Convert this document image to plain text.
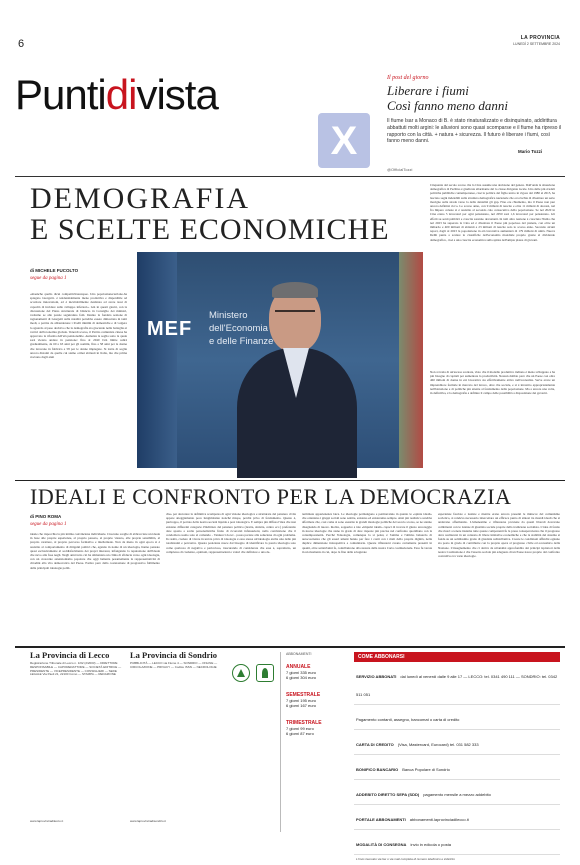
6	LA PROVINCIA
LUNEDÌ 2 SETTEMBRE 2024
Puntidivista
X
Il post del giorno
Liberare i fiumi
Così fanno meno danni
Il fiume Isar a Monaco di B. è stato rinaturalizzato e disinquinato, addirittura abbattuti molti argini: le alluvioni sono quasi scomparse e il fiume ha ripreso il rapporto con la città. + natura + sicurezza. Il futuro è liberare i fiumi, così fanno meno danni.
Mario Tozzi
@OfficialTozzi
DEMOGRAFIA
E SCELTE ECONOMICHE
di MICHELE FUCOLTO
segue da pagina 1
«maanche quello dicui compettivitàeuropee. Una popolazionecarriano-ha spiegato Giorgetti- è tendenzialmente meno produttiva e disponibile ad accettare innovazioni, ed è inevitabilmente destinata ad avere tassi di capacità di incidere sullo sviluppo inferiori». Già in questi giorni, con la discussione del Piano strutturale di bilancio in Consiglio dei ministri, vedremo se alle parole seguiranno fatti. Intanto la fondata sezione di ragionamenti di Giorgetti sulla natalità potrebbe essere dimostrata in tanti modi, a partire da abbandonare i livelli minimi di domestiche e di volgere lo sguardo al peso decisivo che la demografia sta giocando nella battaglia ai vertici dell'economia globale. Venerdì scorso, il Partito comunista cinese ha approvato la riforma dell'età pensionabile. Aumenta la soglia sotto la quale sarà vietato andare in pensione: fino al 2040 l'età limite salirà gradualmente, da 60 a 63 anni per gli uomini, fino a 58 anni per le donne che lavorano in fabbrica e 58 per le donne impiegate. Si tratta di soglie ancora distanti da quelle cui siamo ormai abituati in Italia, ma che prima avevano dagli anni
MEF
Ministero
dell'Economia
e delle Finanze
Cinquanta del secolo scorso che la Cina assume una decisione del genere. Dall'onda la situazione demografica di Pechino è giudicata allarmante dal lo classe dirigente locale. Una delle più crudeli politiche pubbliche contemporanee, cioè la politica del figlio unico in vigore dal 1980 al 2015, ha lasciato segni indelebili sulla struttura demografica nazionale che ora rischia di diventare un serio macigno sulla strada verso la della dentalità gli gap. Fino ere chiamento, ma il Paese non può ancora definirsi ricco. Lo scorso anno, con 9 milioni di nascite e oltre 11 milioni di decessi, nel fra Impero celeste si è assistito al secondo calo consecutivo della popolazione. Se nel 2020 in Cina erano 5 lavoratori per ogni pensionato, nel 2050 sarà 1,6 lavoratori per pensionato. Gli effetti su sonti pubblici e crescita saranno devastanti. In tutti altro nazione è cresciuta l'India che nel 2023 ha superato la Cina ed è diventata il Paese più popoloso del pianeta, con oltre un miliardo e 400 milioni di abitanti e 23 milioni di nascite solo lo scorso anno. Secondo alcuni report, dagli al 2023 la popolazione in età lavorativa aumenterà di 179 milioni di unità. Nuova Delhi punta a scalare le classifiche dell'economia mondiale proprio grazie al dividendo demografico, cioè a una crescita economica sulla spinta dell'ampia platea di giovani.
Non si tratta di un'ascesa scontata, visto che il modello produttivo indiano è meno sviluppato e ha più bisogno di capitali per aumentare la produttività. Nessun dubbio però che un Paese con oltre 460 milioni di donne in età lavorativa sia effettivamente attivo nell'economia. Serve avere un imprenditore formale in mercato del lavoro, oltre che sociale, e si è investito appropriatamente nell'istruzione e di politiche più attente al fondamento della popolazione. Ma a ancora una volta, in definitiva, è la demografia a definire il campo delle possibilità a disposizione dei governi.
IDEALI E CONFRONTO PER LA DEMOCRAZIA
di PINO ROMA
segue da pagina 1
ideale che rispecchia la più intima convinzione individuale. Ciascuno sceglie di abbracciare un ideale in base alle proprie esperienze, al proprio passato, al proprio vissuto, alle proprie sensibilità, al proprio carattere, al proprio percorso formativo e intellettuale. Non da meno in ogni epoca si è assistito al comportamento di dirigenti politici che, agendo in nome di un ideologia, hanno pensato quasi esclusivamente al soddisfacimento dei propri interessi, infangando la reputazione dell'ideale che nevo aila fase negli. Negli anni tutto ciò ha alimentato un clima di sfiducia verso ogni ideologia, con un crescente astensionismo popolare che oggi lamenta pesantemente la rappresentatività di cittadini alla vita democratica del Paese. Partire però dalla costatazione di progressivo fallimento delle principali ideologie politi-
che» per decretare la definitiva scomparsa di ogni visione ideologica e strutturata del pensiero civile appare atteggiamento poco lungimirante nonché miope, perché privo di fondamento. Questo è, purtroppo, il portato della nostra società liquida e post ideologica. E sempre più diffusa l'idea che non esistano differenti categorie d'indirizzo del pensiero politico (destra, sinistra, centro ecc.) preferendo dare spazio a scelte personalistiche frutto di ricorrenti infatuazioni, nella convinzione che il condottiero uomo solo al comando - Vannucci docet - possa portare alla soluzione di ogni problema. In realtà, credere di vivere in un'era priva di ideologie è essa stessa un'ideologia anche una delle più totalizzanti e pervasive. Questa posizione nasce dal bisogno di identificare la parola ideologia solo come qualcosa di negativo e pericoloso, trascurando di considerare che essa è, soprattutto, un complesso di credenze, opinioni, rappresentazioni e valori che definisce o una de-
terminata appartenenza laica. Le ideologie permangono e permarranno in quanto le «spinte ideali» che orientano i gruppi sociali sono sentite, esistono ed esisteranno sempre. Anzi più realistico sarebbe affermare che, così come si sono esaurite le grandi ideologie politiche del secolo scorso, se ne stanno disegnando di nuove. Inoltre, sopperire a tale «impulsi ideali» capaci di trovare il giusto ancoraggio in nuove ideologie che siano in grado di dare risposte più precise nel confronto quotidiano con la contemporaneità. Perché l'ideologia, comunque la si pensi, è l'anima e l'ultimo baluardo di autocoscienza che gli esseri umani hanno per fare i conti con i mali della propria dignità, nella duplice dimensione introspettiva e comunitaria. Queste riflessioni creano certamente presenti in quanti, oltre settant'anni fa, contribuirono alla stesura della nostra Carta costituzionale. Essa fu varata in un momento in cui, dopo la fine delle sciagurate
esperienze fasciste e naziste e mentre erano ancora presenti le minacce del comunismo sovietico, si rendeva necessario intercettare un efficace punto di sintesi tra mondi ideali che si andavano affermando. L'umanesimo e riflessione proviene da questi liberali dovevano combinarsi con le istanze di giustizia sociale proprie della tradizione socialista. L'idea di fondo che riuscì a tenere insieme tutte queste componenti fu la presa consapevolezza che il progresso deve realizzarsi in un contesto di libere iniziative economiche e che la stabilità del sistema si fonda su un solidissimo grado di giustizia redistributiva. Creare le condizioni affinché ognuno sia posto in grado di contribuire con la propria opera al progresso civile ed economico della Nazione. L'insegnamento che ci deriva da un'analisi approfondita dei principi ispiratori della nostra Costituzione è che l'assetto sociale più adeguato di un Paese nasce proprio dal confronto costruttivo tra varie ideologie.
La Provincia di Lecco La Provincia di Sondrio
Registrazione Tribunale di Lecco n. 1/02 (2/2003) — DIRETTORE RESPONSABILE — CAPOREDATTORE — SOCIETÀ EDITRICE — PRESIDENTE — VICEPRESIDENTE — CONSIGLIERI — SEDE LEGALE Via Paoli 21, 22100 Como — STAMPA — REDAZIONE
PUBBLICITÀ — LECCO via Fiume 4 — SONDRIO — ONLINE — CIRCOLAZIONE — PRIVACY — Codice ISSN — NECROLOGIE
www.laprovinciadilecco.it	www.laprovinciadisondrio.it
ABBONAMENTI
ANNUALE
7 giorni 335 euro
6 giorni 304 euro
SEMESTRALE
7 giorni 195 euro
6 giorni 167 euro
TRIMESTRALE
7 giorni 99 euro
6 giorni 87 euro
COME ABBONARSI
SERVIZIO ABBONATI dal lunedì al venerdì dalle 9 alle 17 — LECCO: tel. 0341 490 111 — SONDRIO: tel. 0342 511 051
Pagamento contanti, assegno, bancomat o carta di credito
CARTA DI CREDITO (Visa, Mastercard, Eurocard) tel. 031 582 333
BONIFICO BANCARIO Banca Popolare di Sondrio
ADDEBITO DIRETTO SEPA (SDD) pagamento mensile a mezzo addebito
PORTALE ABBONAMENTI abbonamenti.laprovinciadilecco.it
MODALITÀ DI CONSEGNA invio in edicola o posta
L'invio riservato via fax o via mail completa di numero telefonico e indirizzo
